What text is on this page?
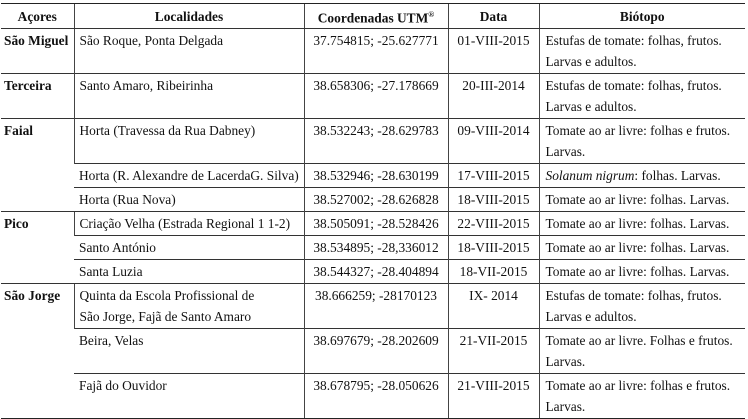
Açores	Localidades	Coordenadas UTM®	Data	Biótopo
São Miguel	São Roque, Ponta Delgada	37.754815; -25.627771	01-VIII-2015	Estufas de tomate: folhas, frutos.
Larvas e adultos.
Terceira	Santo Amaro, Ribeirinha	38.658306; -27.178669	20-III-2014	Estufas de tomate: folhas, frutos.
Larvas e adultos.
Faial	Horta (Travessa da Rua Dabney)	38.532243; -28.629783	09-VIII-2014	Tomate ao ar livre: folhas e frutos.
Larvas.
	Horta (R. Alexandre de LacerdaG. Silva)	38.532946; -28.630199	17-VIII-2015	Solanum nigrum: folhas. Larvas.
	Horta (Rua Nova)	38.527002; -28.626828	18-VIII-2015	Tomate ao ar livre: folhas. Larvas.
Pico	Criação Velha (Estrada Regional 1 1-2)	38.505091; -28.528426	22-VIII-2015	Tomate ao ar livre: folhas. Larvas.
	Santo António	38.534895; -28,336012	18-VIII-2015	Tomate ao ar livre: folhas. Larvas.
	Santa Luzia	38.544327; -28.404894	18-VII-2015	Tomate ao ar livre: folhas. Larvas.
São Jorge	Quinta da Escola Profissional de
São Jorge, Fajã de Santo Amaro	38.666259; -28170123	IX- 2014	Estufas de tomate: folhas, frutos.
Larvas e adultos.
	Beira, Velas	38.697679; -28.202609	21-VII-2015	Tomate ao ar livre. Folhas e frutos.
Larvas.
	Fajã do Ouvidor	38.678795; -28.050626	21-VIII-2015	Tomate ao ar livre: folhas e frutos.
Larvas.
